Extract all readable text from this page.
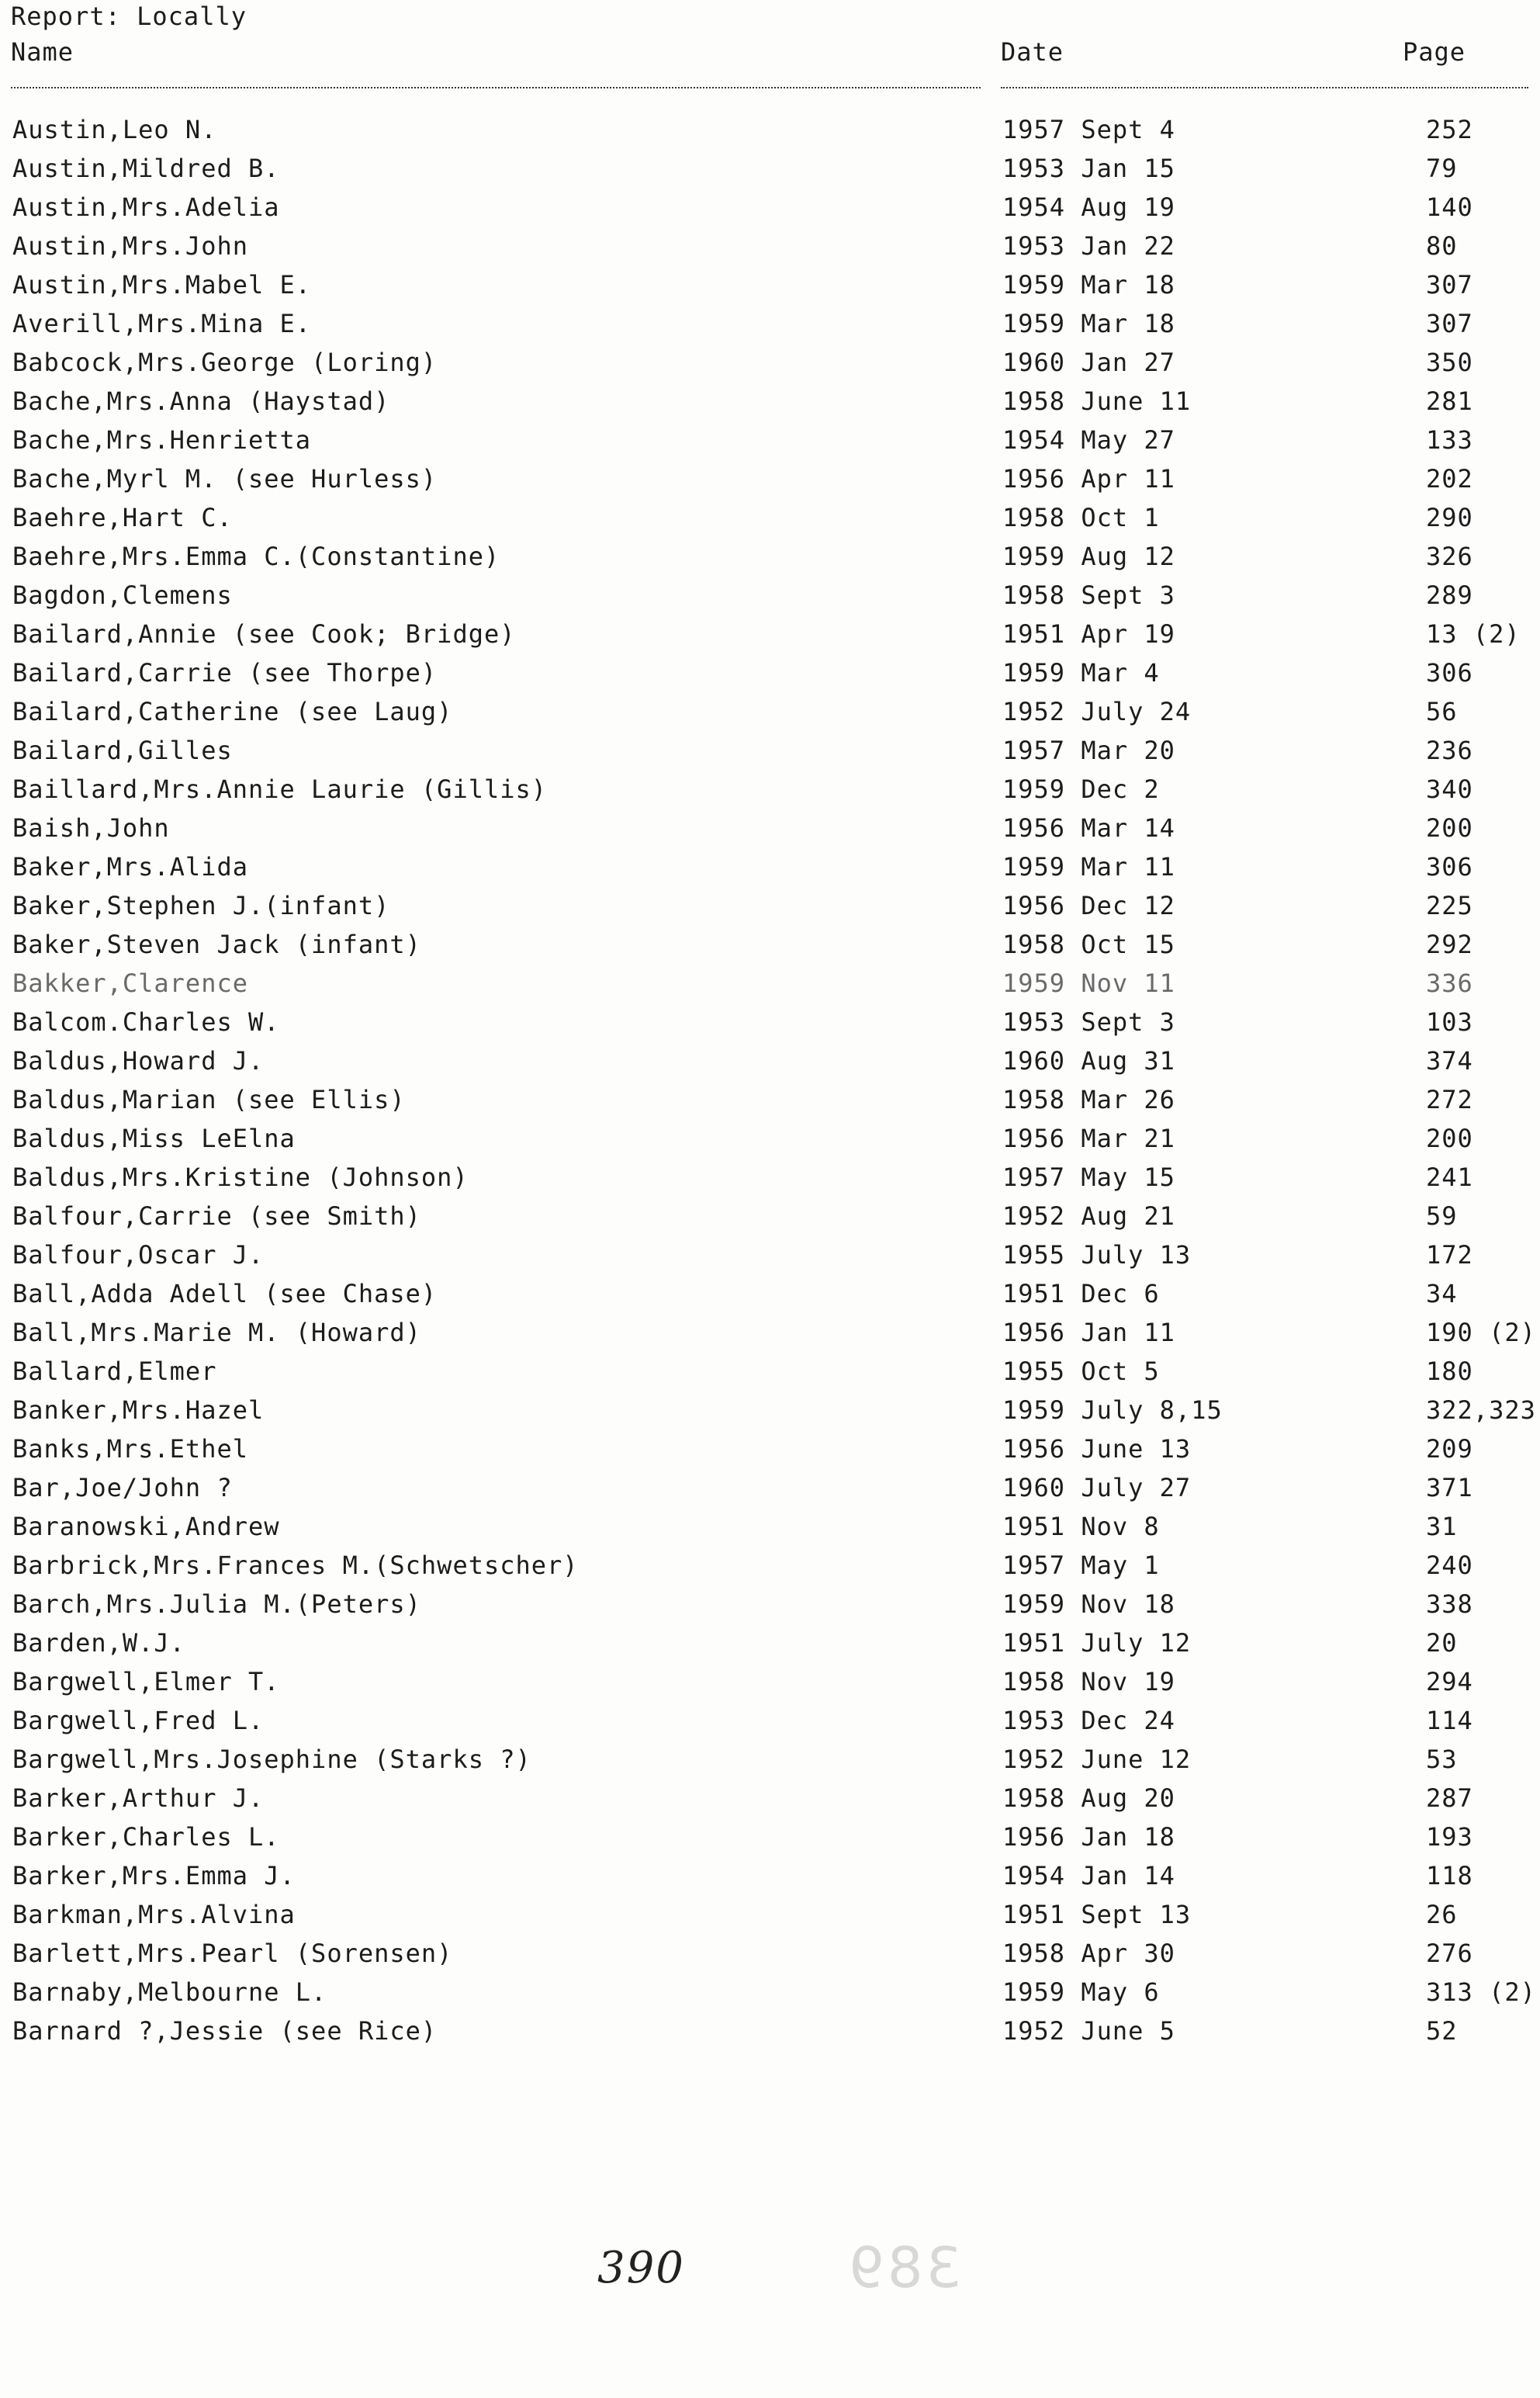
Report: Locally
Name	Date	Page
Austin,Leo N.	1957 Sept 4	252
Austin,Mildred B.	1953 Jan 15	79
Austin,Mrs.Adelia	1954 Aug 19	140
Austin,Mrs.John	1953 Jan 22	80
Austin,Mrs.Mabel E.	1959 Mar 18	307
Averill,Mrs.Mina E.	1959 Mar 18	307
Babcock,Mrs.George (Loring)	1960 Jan 27	350
Bache,Mrs.Anna (Haystad)	1958 June 11	281
Bache,Mrs.Henrietta	1954 May 27	133
Bache,Myrl M. (see Hurless)	1956 Apr 11	202
Baehre,Hart C.	1958 Oct 1	290
Baehre,Mrs.Emma C.(Constantine)	1959 Aug 12	326
Bagdon,Clemens	1958 Sept 3	289
Bailard,Annie (see Cook; Bridge)	1951 Apr 19	13 (2)
Bailard,Carrie (see Thorpe)	1959 Mar 4	306
Bailard,Catherine (see Laug)	1952 July 24	56
Bailard,Gilles	1957 Mar 20	236
Baillard,Mrs.Annie Laurie (Gillis)	1959 Dec 2	340
Baish,John	1956 Mar 14	200
Baker,Mrs.Alida	1959 Mar 11	306
Baker,Stephen J.(infant)	1956 Dec 12	225
Baker,Steven Jack (infant)	1958 Oct 15	292
Bakker,Clarence	1959 Nov 11	336
Balcom.Charles W.	1953 Sept 3	103
Baldus,Howard J.	1960 Aug 31	374
Baldus,Marian (see Ellis)	1958 Mar 26	272
Baldus,Miss LeElna	1956 Mar 21	200
Baldus,Mrs.Kristine (Johnson)	1957 May 15	241
Balfour,Carrie (see Smith)	1952 Aug 21	59
Balfour,Oscar J.	1955 July 13	172
Ball,Adda Adell (see Chase)	1951 Dec 6	34
Ball,Mrs.Marie M. (Howard)	1956 Jan 11	190 (2)
Ballard,Elmer	1955 Oct 5	180
Banker,Mrs.Hazel	1959 July 8,15	322,323
Banks,Mrs.Ethel	1956 June 13	209
Bar,Joe/John ?	1960 July 27	371
Baranowski,Andrew	1951 Nov 8	31
Barbrick,Mrs.Frances M.(Schwetscher)	1957 May 1	240
Barch,Mrs.Julia M.(Peters)	1959 Nov 18	338
Barden,W.J.	1951 July 12	20
Bargwell,Elmer T.	1958 Nov 19	294
Bargwell,Fred L.	1953 Dec 24	114
Bargwell,Mrs.Josephine (Starks ?)	1952 June 12	53
Barker,Arthur J.	1958 Aug 20	287
Barker,Charles L.	1956 Jan 18	193
Barker,Mrs.Emma J.	1954 Jan 14	118
Barkman,Mrs.Alvina	1951 Sept 13	26
Barlett,Mrs.Pearl (Sorensen)	1958 Apr 30	276
Barnaby,Melbourne L.	1959 May 6	313 (2)
Barnard ?,Jessie (see Rice)	1952 June 5	52
389
390
